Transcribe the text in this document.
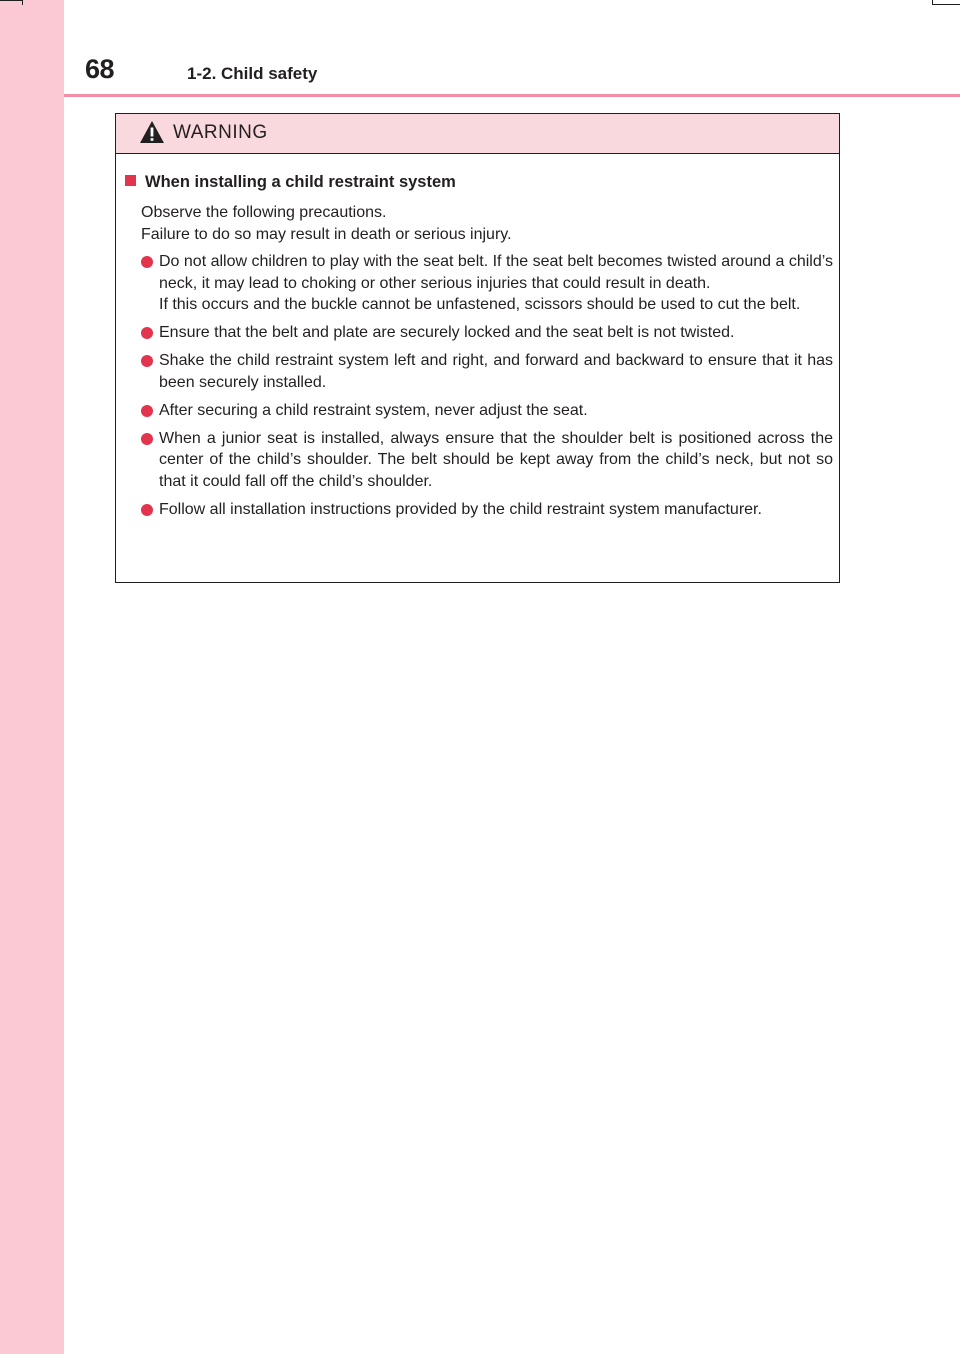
68	1-2. Child safety
WARNING
When installing a child restraint system
Observe the following precautions.
Failure to do so may result in death or serious injury.

Do not allow children to play with the seat belt. If the seat belt becomes twisted around a child’s neck, it may lead to choking or other serious injuries that could result in death.

If this occurs and the buckle cannot be unfastened, scissors should be used to cut the belt.

Ensure that the belt and plate are securely locked and the seat belt is not twisted.

Shake the child restraint system left and right, and forward and backward to ensure that it has been securely installed.

After securing a child restraint system, never adjust the seat.

When a junior seat is installed, always ensure that the shoulder belt is positioned across the center of the child’s shoulder. The belt should be kept away from the child’s neck, but not so that it could fall off the child’s shoulder.

Follow all installation instructions provided by the child restraint system manufacturer.
